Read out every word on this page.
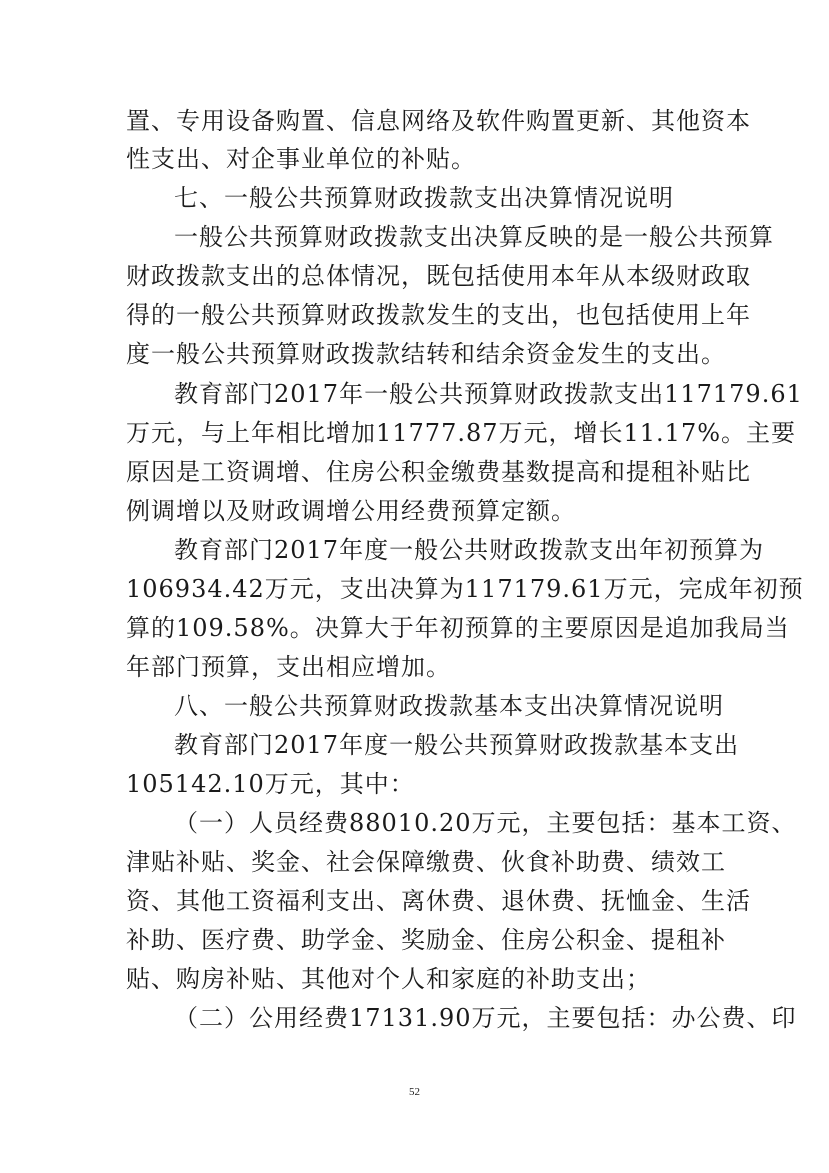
置、专用设备购置、信息网络及软件购置更新、其他资本
性支出、对企事业单位的补贴。
七、一般公共预算财政拨款支出决算情况说明
一般公共预算财政拨款支出决算反映的是一般公共预算
财政拨款支出的总体情况，既包括使用本年从本级财政取
得的一般公共预算财政拨款发生的支出，也包括使用上年
度一般公共预算财政拨款结转和结余资金发生的支出。
教育部门2017年一般公共预算财政拨款支出117179.61
万元，与上年相比增加11777.87万元，增长11.17%。主要
原因是工资调增、住房公积金缴费基数提高和提租补贴比
例调增以及财政调增公用经费预算定额。
教育部门2017年度一般公共财政拨款支出年初预算为
106934.42万元，支出决算为117179.61万元，完成年初预
算的109.58%。决算大于年初预算的主要原因是追加我局当
年部门预算，支出相应增加。
八、一般公共预算财政拨款基本支出决算情况说明
教育部门2017年度一般公共预算财政拨款基本支出
105142.10万元，其中：
（一）人员经费88010.20万元，主要包括：基本工资、
津贴补贴、奖金、社会保障缴费、伙食补助费、绩效工
资、其他工资福利支出、离休费、退休费、抚恤金、生活
补助、医疗费、助学金、奖励金、住房公积金、提租补
贴、购房补贴、其他对个人和家庭的补助支出；
（二）公用经费17131.90万元，主要包括：办公费、印
52
